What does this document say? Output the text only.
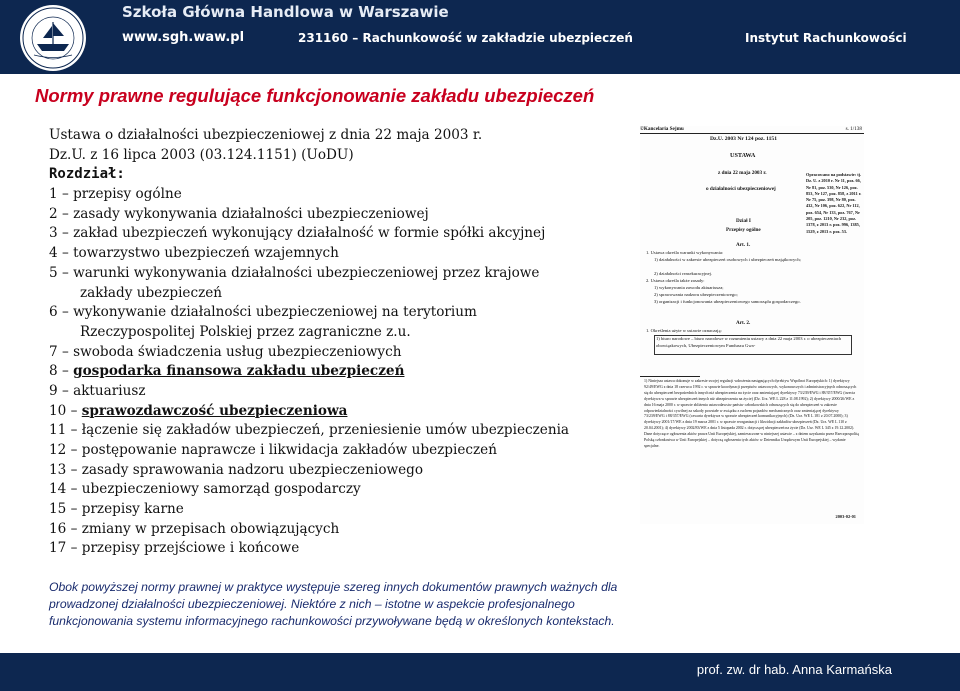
Szkoła Główna Handlowa w Warszawie
www.sgh.waw.pl	231160 – Rachunkowość w zakładzie ubezpieczeń	Instytut Rachunkowości
Normy prawne regulujące funkcjonowanie zakładu ubezpieczeń
Ustawa o działalności ubezpieczeniowej z dnia 22 maja 2003 r.
Dz.U. z 16 lipca 2003 (03.124.1151) (UoDU)
Rozdział:
1 – przepisy ogólne
2 – zasady wykonywania działalności ubezpieczeniowej
3 – zakład ubezpieczeń wykonujący działalność w formie spółki akcyjnej
4 – towarzystwo ubezpieczeń wzajemnych
5 – warunki wykonywania działalności ubezpieczeniowej przez krajowe
zakłady ubezpieczeń
6 – wykonywanie działalności ubezpieczeniowej na terytorium
Rzeczypospolitej Polskiej przez zagraniczne z.u.
7 – swoboda świadczenia usług ubezpieczeniowych
8 – gospodarka finansowa zakładu ubezpieczeń
9 – aktuariusz
10 – sprawozdawczość ubezpieczeniowa
11 – łączenie się zakładów ubezpieczeń, przeniesienie umów ubezpieczenia
12 – postępowanie naprawcze i likwidacja zakładów ubezpieczeń
13 – zasady sprawowania nadzoru ubezpieczeniowego
14 – ubezpieczeniowy samorząd gospodarczy
15 – przepisy karne
16 – zmiany w przepisach obowiązujących
17 – przepisy przejściowe i końcowe
©Kancelaria Sejmu	s. 1/138
Dz.U. 2003 Nr 124 poz. 1151
USTAWA
z dnia 22 maja 2003 r.
o działalności ubezpieczeniowej
Opracowano na podstawie: tj. Dz. U. z 2010 r. Nr 11, poz. 66, Nr 81, poz. 530, Nr 126, poz. 853, Nr 127, poz. 858, z 2011 r. Nr 75, poz. 398, Nr 80, poz. 432, Nr 106, poz. 622, Nr 112, poz. 654, Nr 133, poz. 767, Nr 205, poz. 1210, Nr 232, poz. 1378, z 2013 r. poz. 996, 1385, 1529, z 2013 r. poz. 53.
Dział I
Przepisy ogólne
Art. 1.
1. Ustawa określa warunki wykonywania:
1) działalności w zakresie ubezpieczeń osobowych i ubezpieczeń majątkowych;
2) działalności reasekuracyjnej.
2. Ustawa określa także zasady:
1) wykonywania zawodu aktuariusza;
2) sprawowania nadzoru ubezpieczeniowego;
3) organizacji i funkcjonowania ubezpieczeniowego samorządu gospodarczego.
Art. 2.
1. Określenia użyte w ustawie oznaczają:
1) biuro narodowe – biuro narodowe w rozumieniu ustawy z dnia 22 maja 2003 r. o ubezpieczeniach obowiązkowych, Ubezpieczeniowym Funduszu Gwa-
1) Niniejsza ustawa dokonuje w zakresie swojej regulacji wdrożenia następujących dyrektyw Wspólnot Europejskich: 1) dyrektywy 92/49/EWG z dnia 18 czerwca 1992 r. w sprawie koordynacji przepisów ustawowych, wykonawczych i administracyjnych odnoszących się do ubezpieczeń bezpośrednich innych niż ubezpieczenia na życie oraz zmieniającej dyrektywy 73/239/EWG i 88/357/EWG (trzecia dyrektywa w sprawie ubezpieczeń innych niż ubezpieczenia na życie) (Dz. Urz. WE L 228 z 11.08.1992); 2) dyrektywy 2000/26/WE z dnia 16 maja 2000 r. w sprawie zbliżenia ustawodawstw państw członkowskich odnoszących się do ubezpieczeń w zakresie odpowiedzialności cywilnej za szkody powstałe w związku z ruchem pojazdów mechanicznych oraz zmieniającej dyrektywy 73/239/EWG i 88/357/EWG (czwarta dyrektywa w sprawie ubezpieczeń komunikacyjnych) (Dz. Urz. WE L 181 z 20.07.2000); 3) dyrektywy 2001/17/WE z dnia 19 marca 2001 r. w sprawie reorganizacji i likwidacji zakładów ubezpieczeń (Dz. Urz. WE L 110 z 20.04.2001); 4) dyrektywy 2002/83/WE z dnia 5 listopada 2002 r. dotyczącej ubezpieczeń na życie (Dz. Urz. WE L 345 z 19.12.2002). Dane dotyczące ogłoszenia aktów prawa Unii Europejskiej, zamieszczone w niniejszej ustawie – z dniem uzyskania przez Rzeczpospolitą Polską członkostwa w Unii Europejskiej – dotyczą ogłoszenia tych aktów w Dzienniku Urzędowym Unii Europejskiej – wydanie specjalne.
2003-02-01
Obok powyższej normy prawnej w praktyce występuje szereg innych dokumentów prawnych ważnych dla prowadzonej działalności ubezpieczeniowej. Niektóre z nich – istotne w aspekcie profesjonalnego funkcjonowania systemu informacyjnego rachunkowości przywoływane będą w określonych kontekstach.
prof. zw. dr hab. Anna Karmańska
